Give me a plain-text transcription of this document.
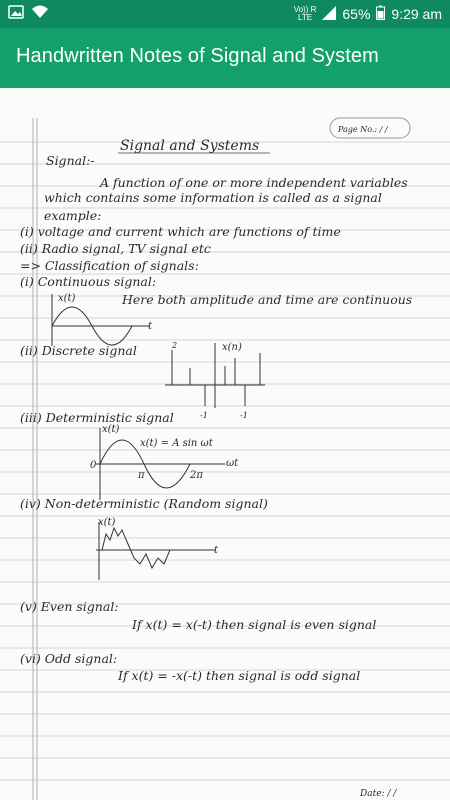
Vo)) R
LTE	65% 9:29 am
Handwritten Notes of Signal and System
Page No.: / /
Signal and Systems
Signal:-
A function of one or more independent variables
which contains some information is called as a signal
example:
(i) voltage and current which are functions of time
(ii) Radio signal, TV signal etc
=> Classification of signals:
(i) Continuous signal:
Here both amplitude and time are continuous
(ii) Discrete signal
(iii) Deterministic signal
(iv) Non-deterministic (Random signal)
(v) Even signal:
If x(t) = x(-t) then signal is even signal
(vi) Odd signal:
If x(t) = -x(-t) then signal is odd signal
x(t)
t
x(n)
2
-1	-1
x(t)
x(t) = A sin ωt
0
π	2π
ωt
x(t)
t
Date: / /
